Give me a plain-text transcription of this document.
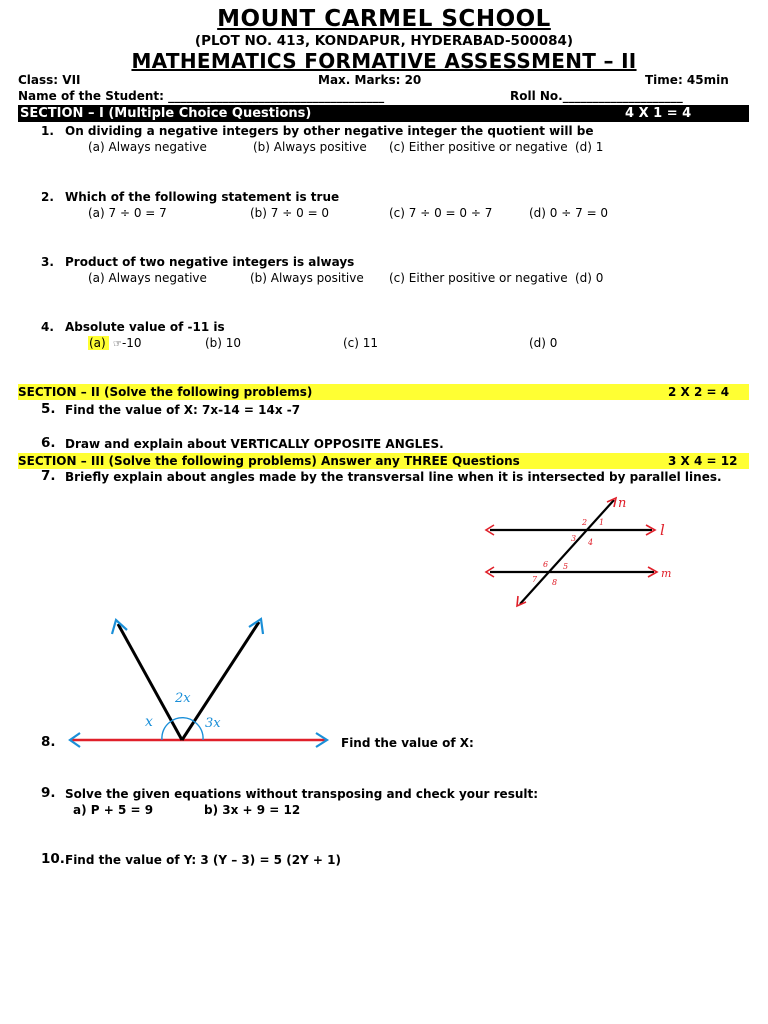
MOUNT CARMEL SCHOOL
(PLOT NO. 413, KONDAPUR, HYDERABAD-500084)
MATHEMATICS FORMATIVE ASSESSMENT – II
Class: VII	Max. Marks: 20	Time: 45min
Name of the Student: ____________________________________	Roll No.____________________
SECTION – I (Multiple Choice Questions)	4 X 1 = 4
1. On dividing a negative integers by other negative integer the quotient will be
(a) Always negative	(b) Always positive (c) Either positive or negative (d) 1
2. Which of the following statement is true
(a) 7 ÷ 0 = 7	(b) 7 ÷ 0 = 0	(c) 7 ÷ 0 = 0 ÷ 7	(d) 0 ÷ 7 = 0
3. Product of two negative integers is always
(a) Always negative	(b) Always positive (c) Either positive or negative (d) 0
4. Absolute value of -11 is
(a) ☞-10	(b) 10	(c) 11	(d) 0
SECTION – II (Solve the following problems)	2 X 2 = 4
5. Find the value of X: 7x-14 = 14x -7
6. Draw and explain about VERTICALLY OPPOSITE ANGLES.
SECTION – III (Solve the following problems) Answer any THREE Questions	3 X 4 = 12
7. Briefly explain about angles made by the transversal line when it is intersected by parallel lines.
8.	Find the value of X:
9. Solve the given equations without transposing and check your result:
a) P + 5 = 9	b) 3x + 9 = 12
10. Find the value of Y: 3 (Y – 3) = 5 (2Y + 1)
n
l
m
1
2
3 4
5
6
7 8
x
2x
3x
